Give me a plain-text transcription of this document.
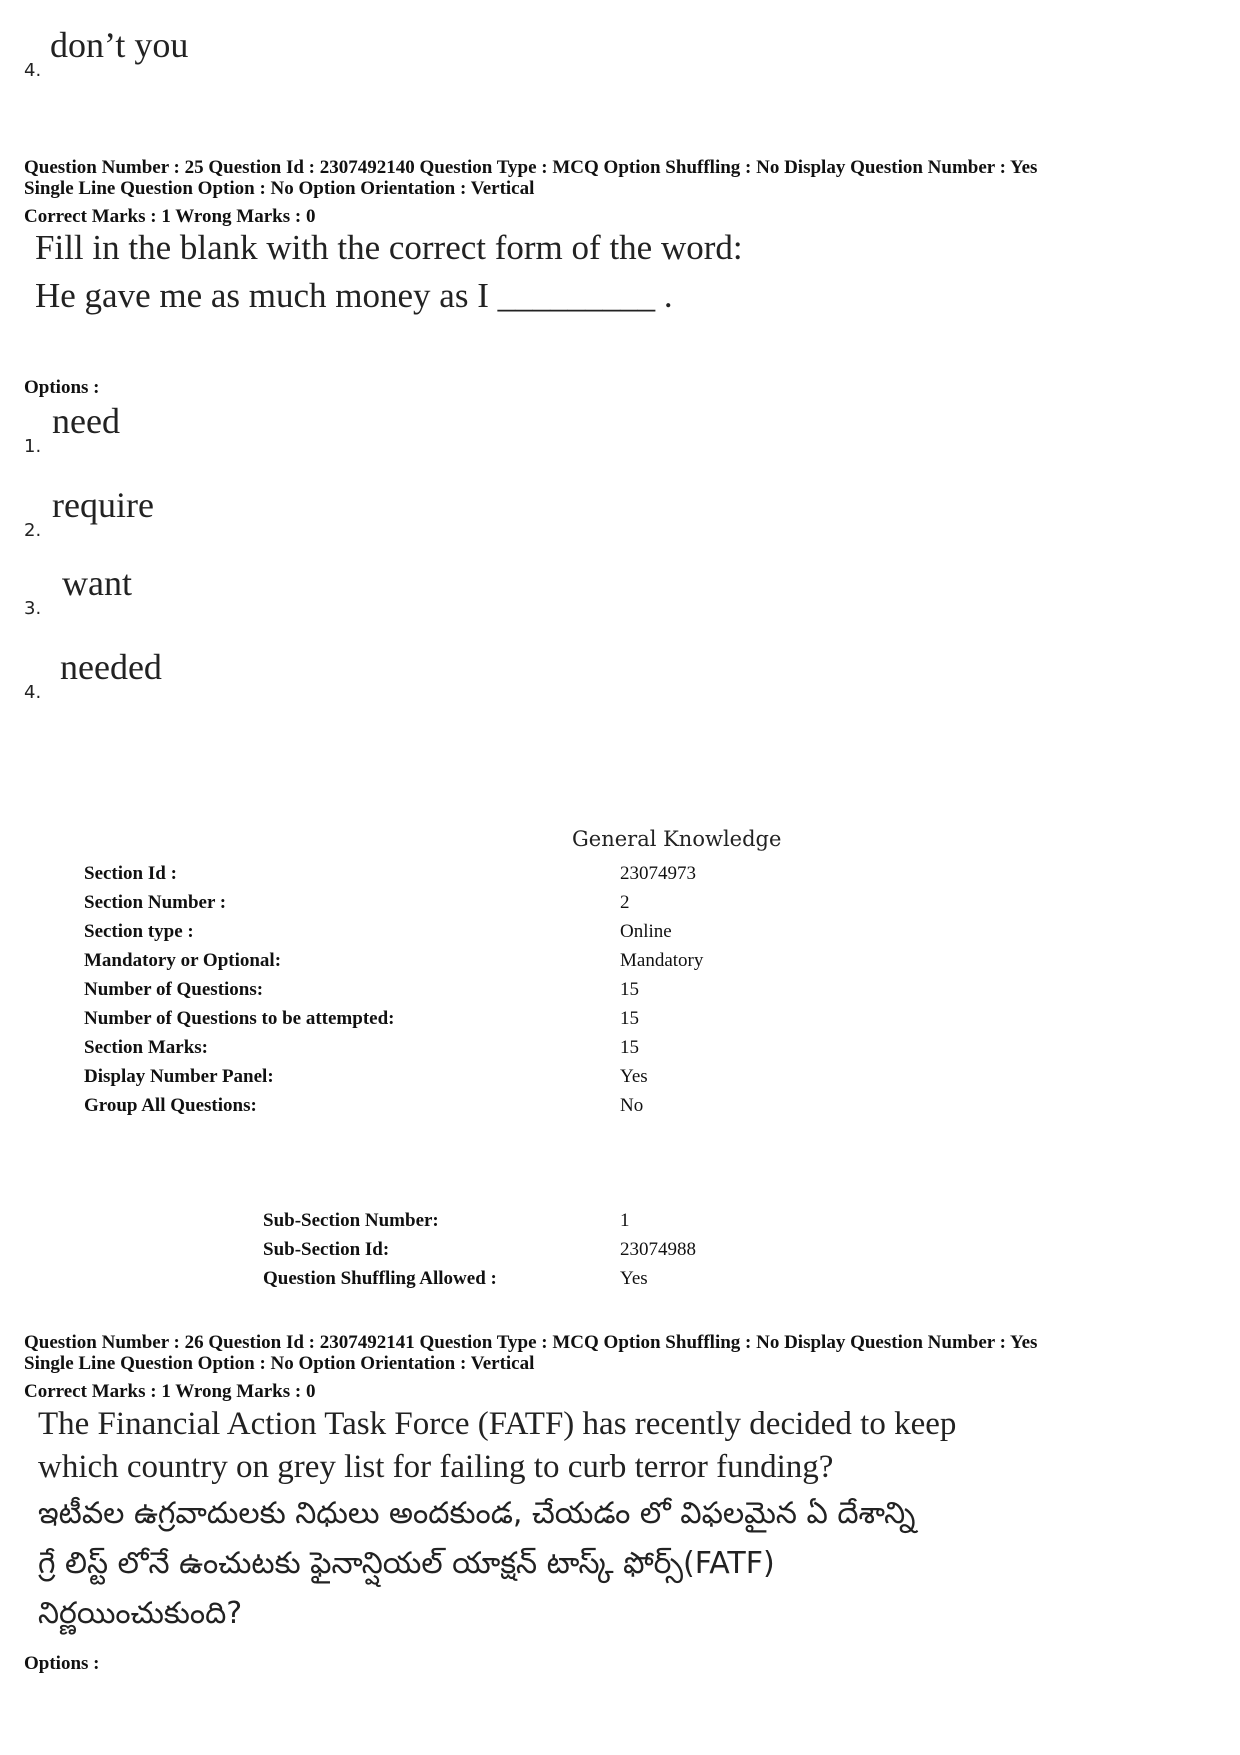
4.
don’t you
Question Number : 25 Question Id : 2307492140 Question Type : MCQ Option Shuffling : No Display Question Number : Yes
Single Line Question Option : No Option Orientation : Vertical
Correct Marks : 1 Wrong Marks : 0
Fill in the blank with the correct form of the word:
He gave me as much money as I _________ .
Options :
1.
need
2.
require
3.
want
4.
needed
General Knowledge
Section Id :	23074973
Section Number :	2
Section type :	Online
Mandatory or Optional:	Mandatory
Number of Questions:	15
Number of Questions to be attempted:	15
Section Marks:	15
Display Number Panel:	Yes
Group All Questions:	No
Sub-Section Number:	1
Sub-Section Id:	23074988
Question Shuffling Allowed :	Yes
Question Number : 26 Question Id : 2307492141 Question Type : MCQ Option Shuffling : No Display Question Number : Yes
Single Line Question Option : No Option Orientation : Vertical
Correct Marks : 1 Wrong Marks : 0
The Financial Action Task Force (FATF) has recently decided to keep
which country on grey list for failing to curb terror funding?
ఇటీవల ఉగ్రవాదులకు నిధులు అందకుండ, చేయడం లో విఫలమైన ఏ దేశాన్ని
గ్రే లిస్ట్ లోనే ఉంచుటకు ఫైనాన్షియల్ యాక్షన్ టాస్క్ ఫోర్స్(FATF)
నిర్ణయించుకుంది?
Options :
